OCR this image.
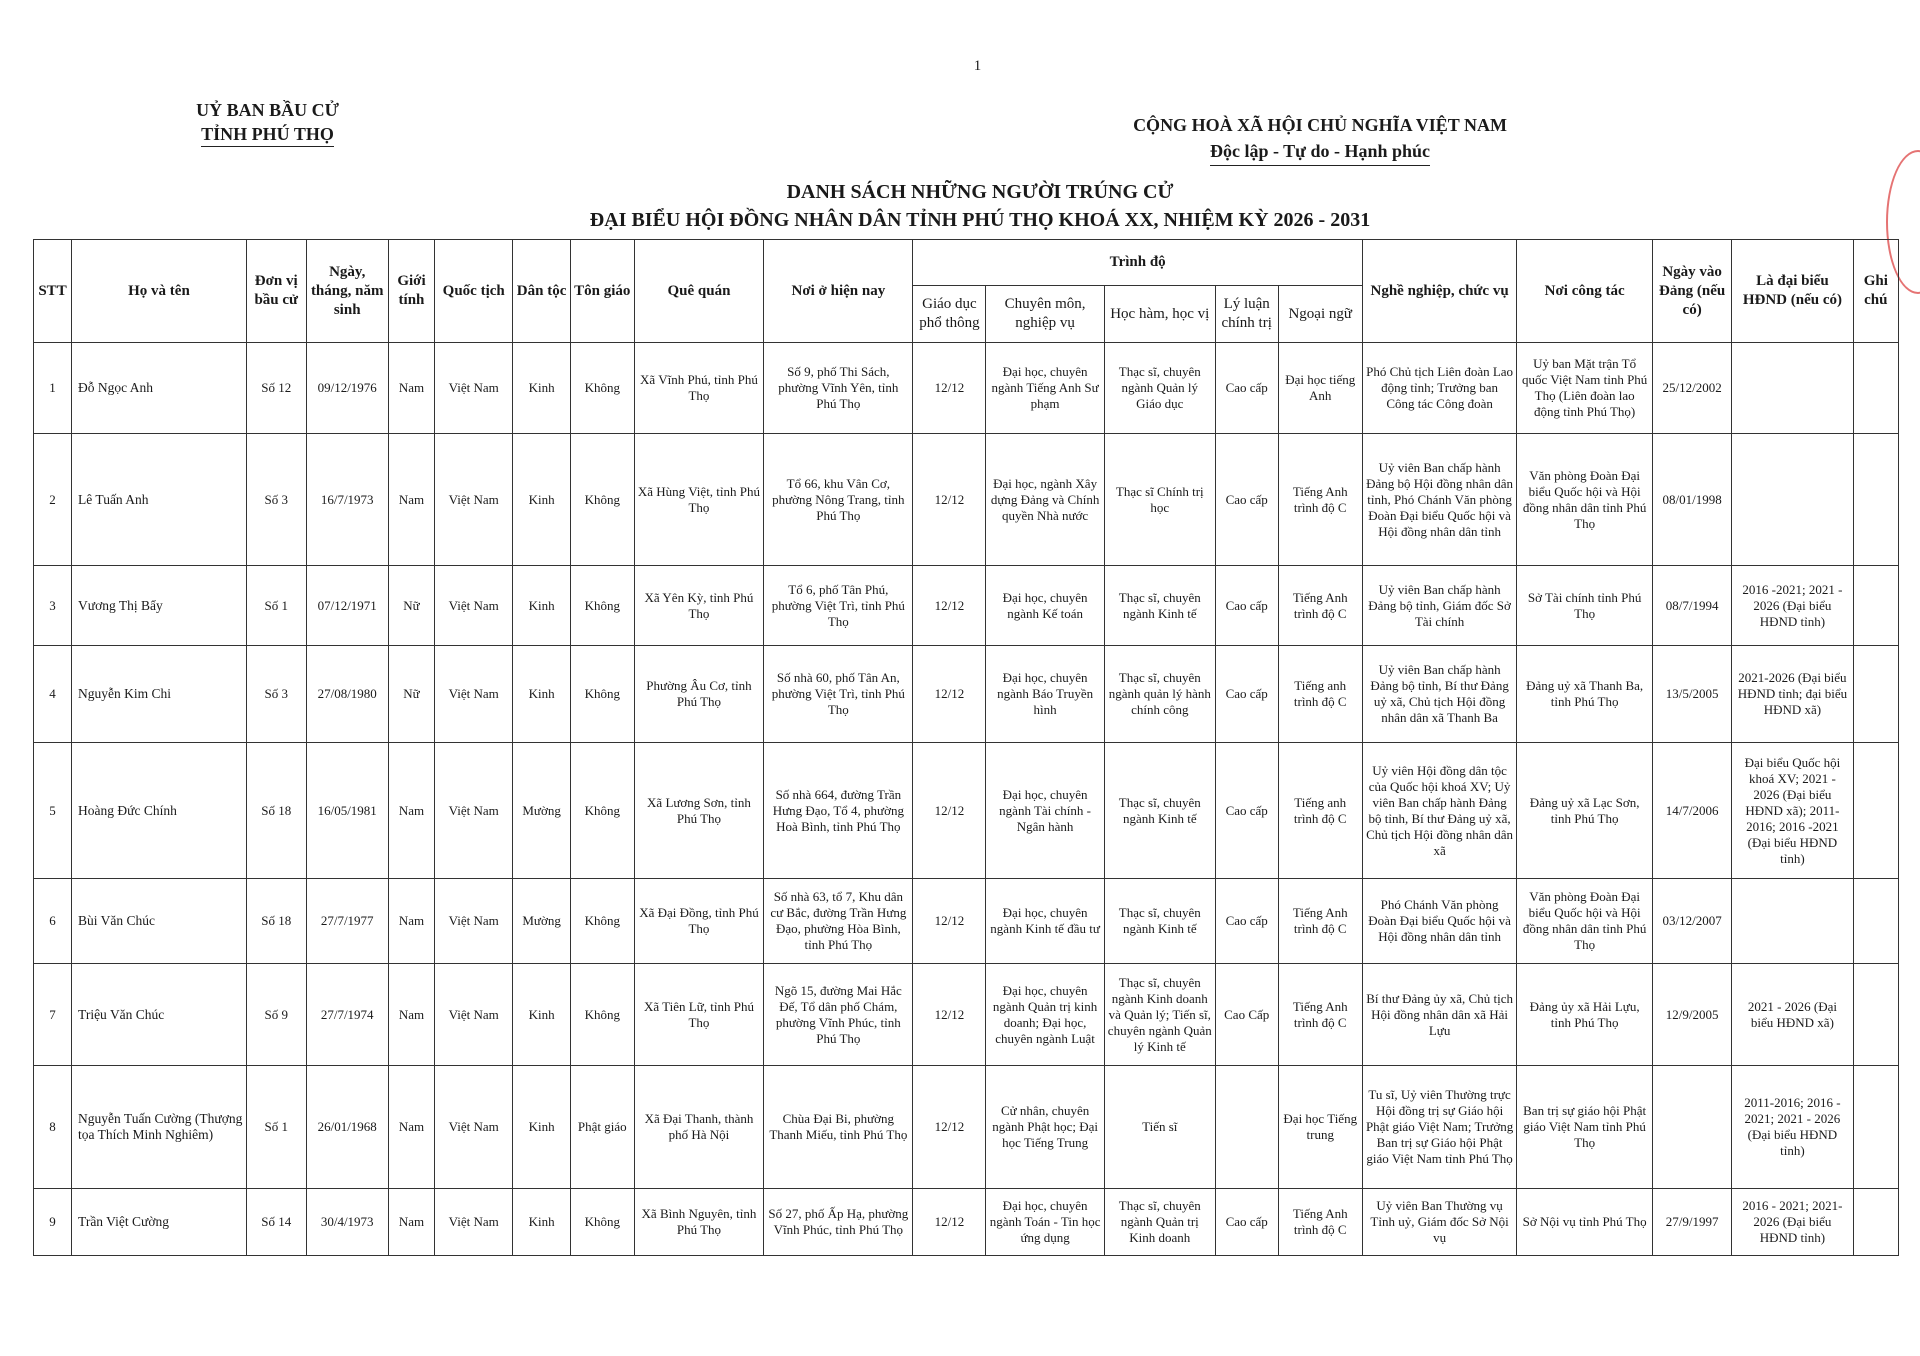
1
UỶ BAN BẦU CỬ
TỈNH PHÚ THỌ	CỘNG HOÀ XÃ HỘI CHỦ NGHĨA VIỆT NAM
Độc lập - Tự do - Hạnh phúc
DANH SÁCH NHỮNG NGƯỜI TRÚNG CỬ
ĐẠI BIỂU HỘI ĐỒNG NHÂN DÂN TỈNH PHÚ THỌ KHOÁ XX, NHIỆM KỲ 2026 - 2031
STT	Họ và tên	Đơn vị bầu cử	Ngày, tháng, năm sinh	Giới tính	Quốc tịch	Dân tộc	Tôn giáo	Quê quán	Nơi ở hiện nay	Trình độ					Nghề nghiệp, chức vụ	Nơi công tác	Ngày vào Đảng (nếu có)	Là đại biểu HĐND (nếu có)	Ghi chú
										Giáo dục phổ thông	Chuyên môn, nghiệp vụ	Học hàm, học vị	Lý luận chính trị	Ngoại ngữ					
1	Đỗ Ngọc Anh	Số 12	09/12/1976	Nam	Việt Nam	Kinh	Không	Xã Vĩnh Phú, tỉnh Phú Thọ	Số 9, phố Thi Sách, phường Vĩnh Yên, tỉnh Phú Thọ	12/12	Đại học, chuyên ngành Tiếng Anh Sư phạm	Thạc sĩ, chuyên ngành Quản lý Giáo dục	Cao cấp	Đại học tiếng Anh	Phó Chủ tịch Liên đoàn Lao động tỉnh; Trưởng ban Công tác Công đoàn	Uỷ ban Mặt trận Tổ quốc Việt Nam tỉnh Phú Thọ (Liên đoàn lao động tỉnh Phú Thọ)	25/12/2002		
2	Lê Tuấn Anh	Số 3	16/7/1973	Nam	Việt Nam	Kinh	Không	Xã Hùng Việt, tỉnh Phú Thọ	Tổ 66, khu Vân Cơ, phường Nông Trang, tỉnh Phú Thọ	12/12	Đại học, ngành Xây dựng Đảng và Chính quyền Nhà nước	Thạc sĩ Chính trị học	Cao cấp	Tiếng Anh trình độ C	Uỷ viên Ban chấp hành Đảng bộ Hội đồng nhân dân tỉnh, Phó Chánh Văn phòng Đoàn Đại biểu Quốc hội và Hội đồng nhân dân tỉnh	Văn phòng Đoàn Đại biểu Quốc hội và Hội đồng nhân dân tỉnh Phú Thọ	08/01/1998		
3	Vương Thị Bẩy	Số 1	07/12/1971	Nữ	Việt Nam	Kinh	Không	Xã Yên Kỳ, tỉnh Phú Thọ	Tổ 6, phố Tân Phú, phường Việt Trì, tỉnh Phú Thọ	12/12	Đại học, chuyên ngành Kế toán	Thạc sĩ, chuyên ngành Kinh tế	Cao cấp	Tiếng Anh trình độ C	Uỷ viên Ban chấp hành Đảng bộ tỉnh, Giám đốc Sở Tài chính	Sở Tài chính tỉnh Phú Thọ	08/7/1994	2016 -2021; 2021 - 2026 (Đại biểu HĐND tỉnh)	
4	Nguyễn Kim Chi	Số 3	27/08/1980	Nữ	Việt Nam	Kinh	Không	Phường Âu Cơ, tỉnh Phú Thọ	Số nhà 60, phố Tân An, phường Việt Trì, tỉnh Phú Thọ	12/12	Đại học, chuyên ngành Báo Truyền hình	Thạc sĩ, chuyên ngành quản lý hành chính công	Cao cấp	Tiếng anh trình độ C	Uỷ viên Ban chấp hành Đảng bộ tỉnh, Bí thư Đảng uỷ xã, Chủ tịch Hội đồng nhân dân xã Thanh Ba	Đảng uỷ xã Thanh Ba, tỉnh Phú Thọ	13/5/2005	2021-2026 (Đại biểu HĐND tỉnh; đại biểu HĐND xã)	
5	Hoàng Đức Chính	Số 18	16/05/1981	Nam	Việt Nam	Mường	Không	Xã Lương Sơn, tỉnh Phú Thọ	Số nhà 664, đường Trần Hưng Đạo, Tổ 4, phường Hoà Bình, tỉnh Phú Thọ	12/12	Đại học, chuyên ngành Tài chính - Ngân hành	Thạc sĩ, chuyên ngành Kinh tế	Cao cấp	Tiếng anh trình độ C	Uỷ viên Hội đồng dân tộc của Quốc hội khoá XV; Uỷ viên Ban chấp hành Đảng bộ tỉnh, Bí thư Đảng uỷ xã, Chủ tịch Hội đồng nhân dân xã	Đảng uỷ xã Lạc Sơn, tỉnh Phú Thọ	14/7/2006	Đại biểu Quốc hội khoá XV; 2021 - 2026 (Đại biểu HĐND xã); 2011- 2016; 2016 -2021 (Đại biểu HĐND tỉnh)	
6	Bùi Văn Chúc	Số 18	27/7/1977	Nam	Việt Nam	Mường	Không	Xã Đại Đồng, tỉnh Phú Thọ	Số nhà 63, tổ 7, Khu dân cư Bắc, đường Trần Hưng Đạo, phường Hòa Bình, tỉnh Phú Thọ	12/12	Đại học, chuyên ngành Kinh tế đầu tư	Thạc sĩ, chuyên ngành Kinh tế	Cao cấp	Tiếng Anh trình độ C	Phó Chánh Văn phòng Đoàn Đại biểu Quốc hội và Hội đồng nhân dân tỉnh	Văn phòng Đoàn Đại biểu Quốc hội và Hội đồng nhân dân tỉnh Phú Thọ	03/12/2007		
7	Triệu Văn Chúc	Số 9	27/7/1974	Nam	Việt Nam	Kinh	Không	Xã Tiên Lữ, tỉnh Phú Thọ	Ngõ 15, đường Mai Hắc Đế, Tổ dân phố Chám, phường Vĩnh Phúc, tỉnh Phú Thọ	12/12	Đại học, chuyên ngành Quản trị kinh doanh; Đại học, chuyên ngành Luật	Thạc sĩ, chuyên ngành Kinh doanh và Quản lý; Tiến sĩ, chuyên ngành Quản lý Kinh tế	Cao Cấp	Tiếng Anh trình độ C	Bí thư Đảng ủy xã, Chủ tịch Hội đồng nhân dân xã Hải Lựu	Đảng ủy xã Hải Lựu, tỉnh Phú Thọ	12/9/2005	2021 - 2026 (Đại biểu HĐND xã)	
8	Nguyễn Tuấn Cường (Thượng tọa Thích Minh Nghiêm)	Số 1	26/01/1968	Nam	Việt Nam	Kinh	Phật giáo	Xã Đại Thanh, thành phố Hà Nội	Chùa Đại Bi, phường Thanh Miếu, tỉnh Phú Thọ	12/12	Cử nhân, chuyên ngành Phật học; Đại học Tiếng Trung	Tiến sĩ		Đại học Tiếng trung	Tu sĩ, Uỷ viên Thường trực Hội đồng trị sự Giáo hội Phật giáo Việt Nam; Trưởng Ban trị sự Giáo hội Phật giáo Việt Nam tỉnh Phú Thọ	Ban trị sự giáo hội Phật giáo Việt Nam tỉnh Phú Thọ		2011-2016; 2016 - 2021; 2021 - 2026 (Đại biểu HĐND tỉnh)	
9	Trần Việt Cường	Số 14	30/4/1973	Nam	Việt Nam	Kinh	Không	Xã Bình Nguyên, tỉnh Phú Thọ	Số 27, phố Ấp Hạ, phường Vĩnh Phúc, tỉnh Phú Thọ	12/12	Đại học, chuyên ngành Toán - Tin học ứng dụng	Thạc sĩ, chuyên ngành Quản trị Kinh doanh	Cao cấp	Tiếng Anh trình độ C	Uỷ viên Ban Thường vụ Tỉnh uỷ, Giám đốc Sở Nội vụ	Sở Nội vụ tỉnh Phú Thọ	27/9/1997	2016 - 2021; 2021- 2026 (Đại biểu HĐND tỉnh)	
